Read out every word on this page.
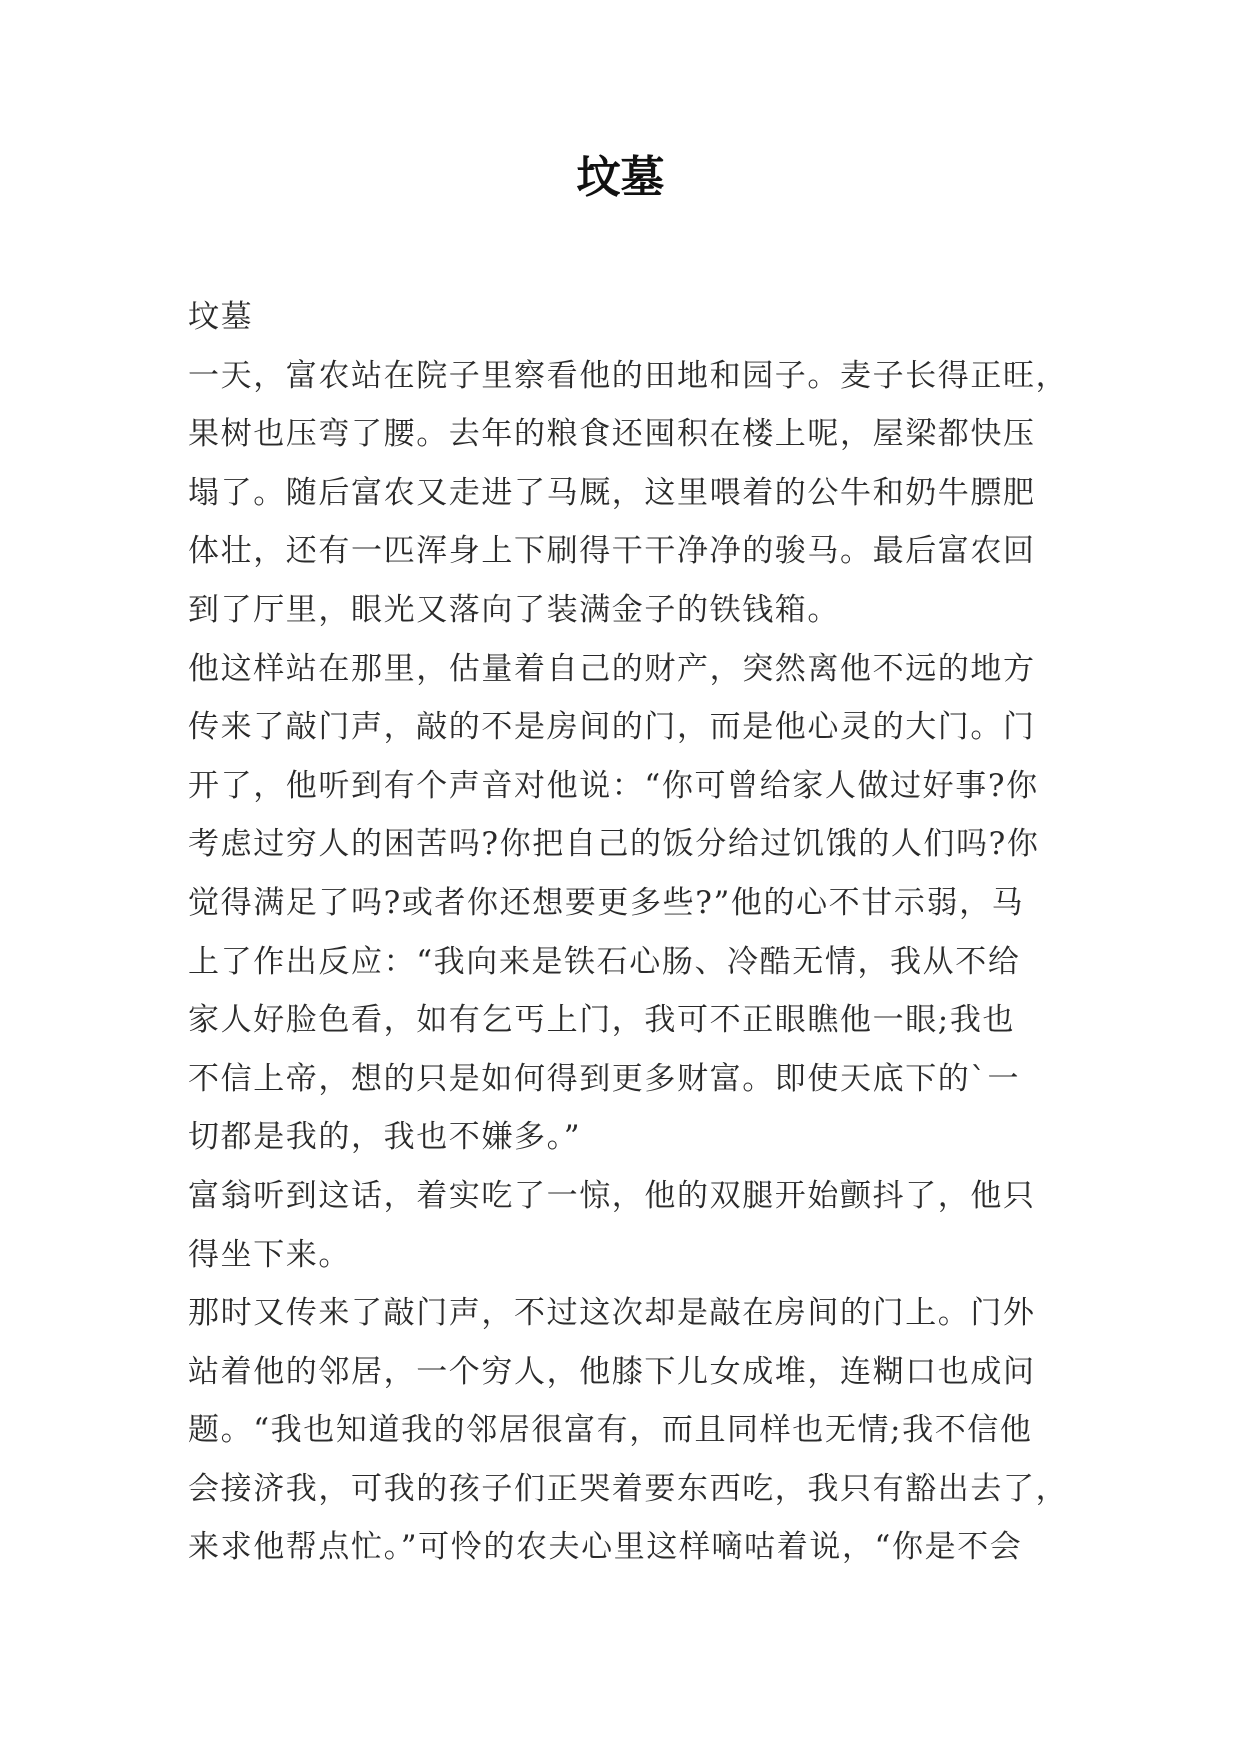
坟墓
坟墓
一天，富农站在院子里察看他的田地和园子。麦子长得正旺，
果树也压弯了腰。去年的粮食还囤积在楼上呢，屋梁都快压
塌了。随后富农又走进了马厩，这里喂着的公牛和奶牛膘肥
体壮，还有一匹浑身上下刷得干干净净的骏马。最后富农回
到了厅里，眼光又落向了装满金子的铁钱箱。
他这样站在那里，估量着自己的财产，突然离他不远的地方
传来了敲门声，敲的不是房间的门，而是他心灵的大门。门
开了，他听到有个声音对他说：“你可曾给家人做过好事?你
考虑过穷人的困苦吗?你把自己的饭分给过饥饿的人们吗?你
觉得满足了吗?或者你还想要更多些?”他的心不甘示弱，马
上了作出反应：“我向来是铁石心肠、冷酷无情，我从不给
家人好脸色看，如有乞丐上门，我可不正眼瞧他一眼;我也
不信上帝，想的只是如何得到更多财富。即使天底下的`一
切都是我的，我也不嫌多。”
富翁听到这话，着实吃了一惊，他的双腿开始颤抖了，他只
得坐下来。
那时又传来了敲门声，不过这次却是敲在房间的门上。门外
站着他的邻居，一个穷人，他膝下儿女成堆，连糊口也成问
题。“我也知道我的邻居很富有，而且同样也无情;我不信他
会接济我，可我的孩子们正哭着要东西吃，我只有豁出去了，
来求他帮点忙。”可怜的农夫心里这样嘀咕着说，“你是不会
